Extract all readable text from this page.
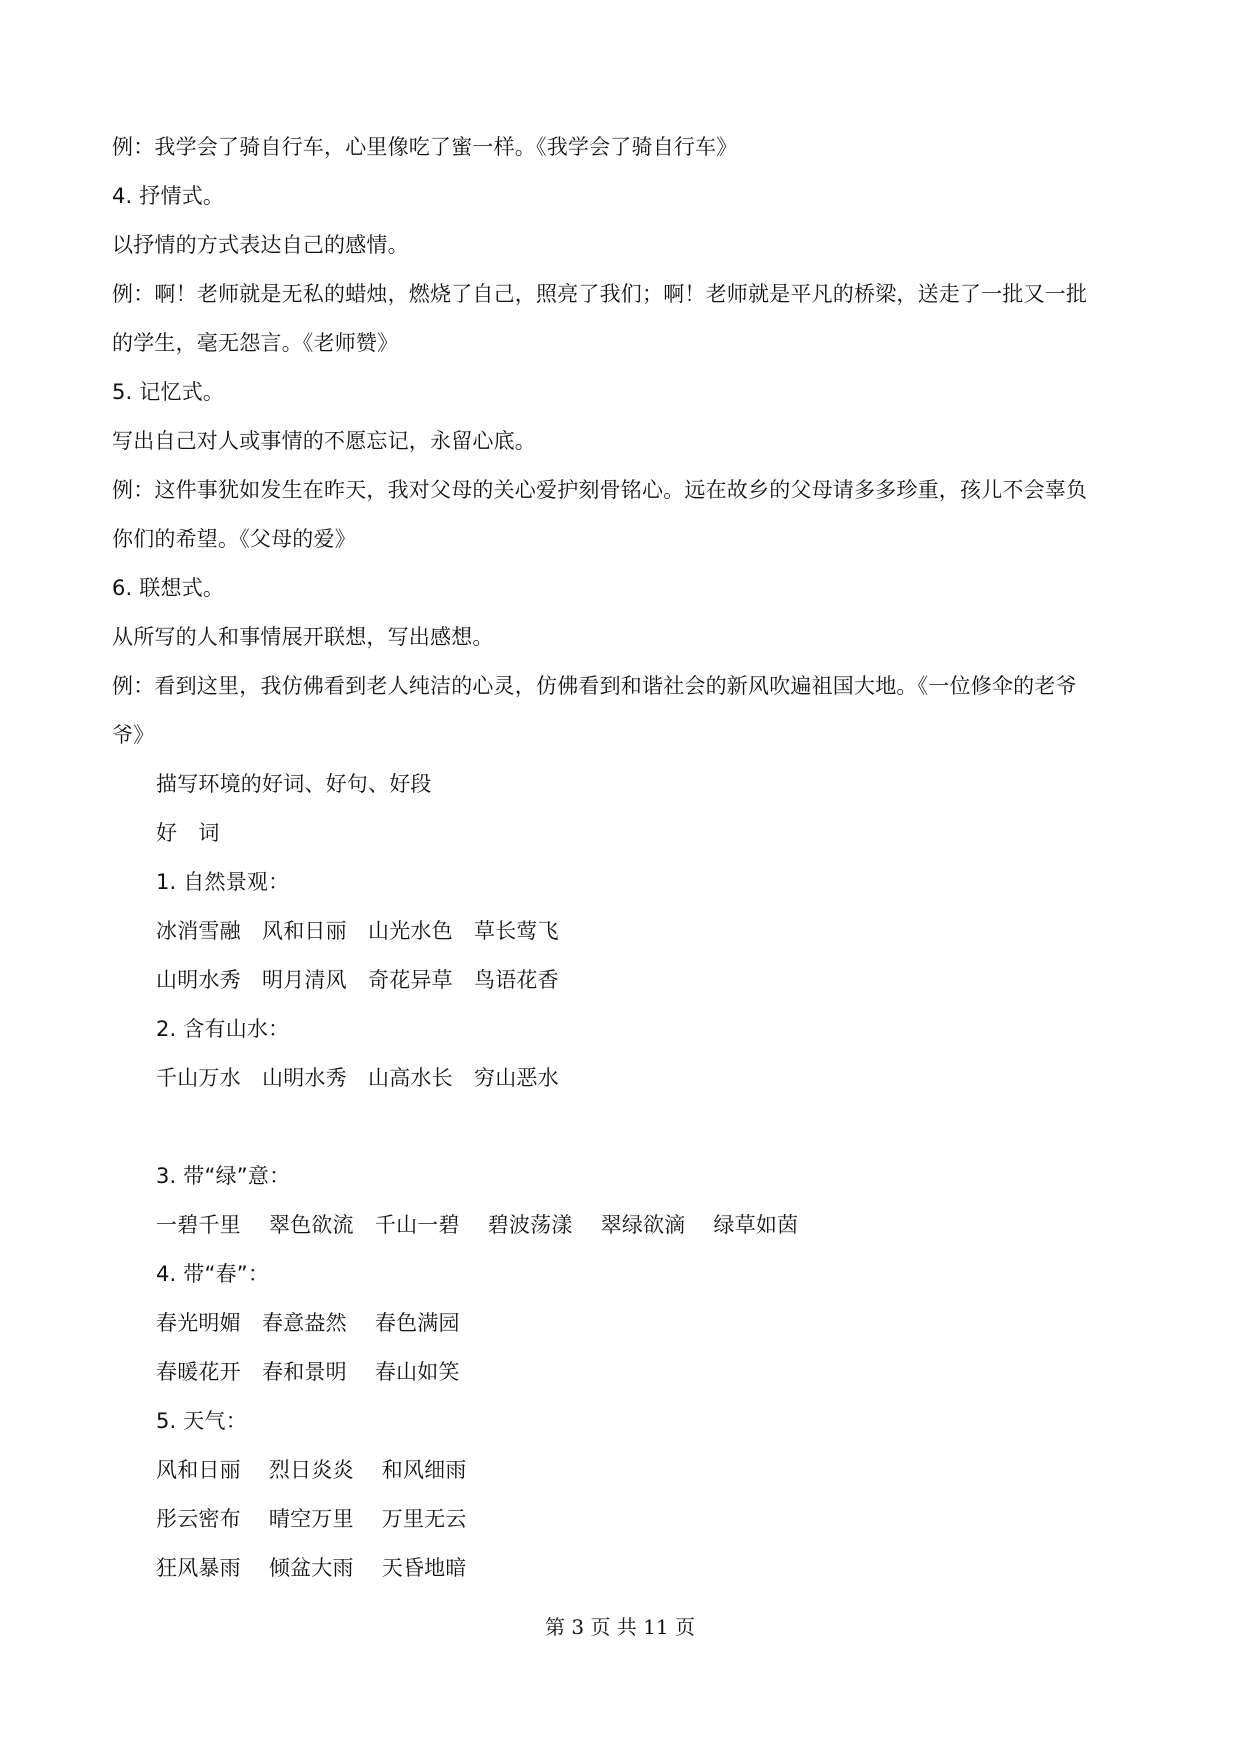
例：我学会了骑自行车，心里像吃了蜜一样。《我学会了骑自行车》
4. 抒情式。
以抒情的方式表达自己的感情。
例：啊！老师就是无私的蜡烛，燃烧了自己，照亮了我们；啊！老师就是平凡的桥梁，送走了一批又一批
的学生，毫无怨言。《老师赞》
5. 记忆式。
写出自己对人或事情的不愿忘记，永留心底。
例：这件事犹如发生在昨天，我对父母的关心爱护刻骨铭心。远在故乡的父母请多多珍重，孩儿不会辜负
你们的希望。《父母的爱》
6. 联想式。
从所写的人和事情展开联想，写出感想。
例：看到这里，我仿佛看到老人纯洁的心灵，仿佛看到和谐社会的新风吹遍祖国大地。《一位修伞的老爷
爷》
描写环境的好词、好句、好段
好　词
1. 自然景观：
冰消雪融　风和日丽　山光水色　草长莺飞
山明水秀　明月清风　奇花异草　鸟语花香
2. 含有山水：
千山万水　山明水秀　山高水长　穷山恶水
3. 带“绿”意：
一碧千里　 翠色欲流　千山一碧　 碧波荡漾　 翠绿欲滴　 绿草如茵
4. 带“春”：
春光明媚　春意盎然　 春色满园
春暖花开　春和景明　 春山如笑
5. 天气：
风和日丽　 烈日炎炎　 和风细雨
彤云密布　 晴空万里　 万里无云
狂风暴雨　 倾盆大雨　 天昏地暗
第 3 页 共 11 页
